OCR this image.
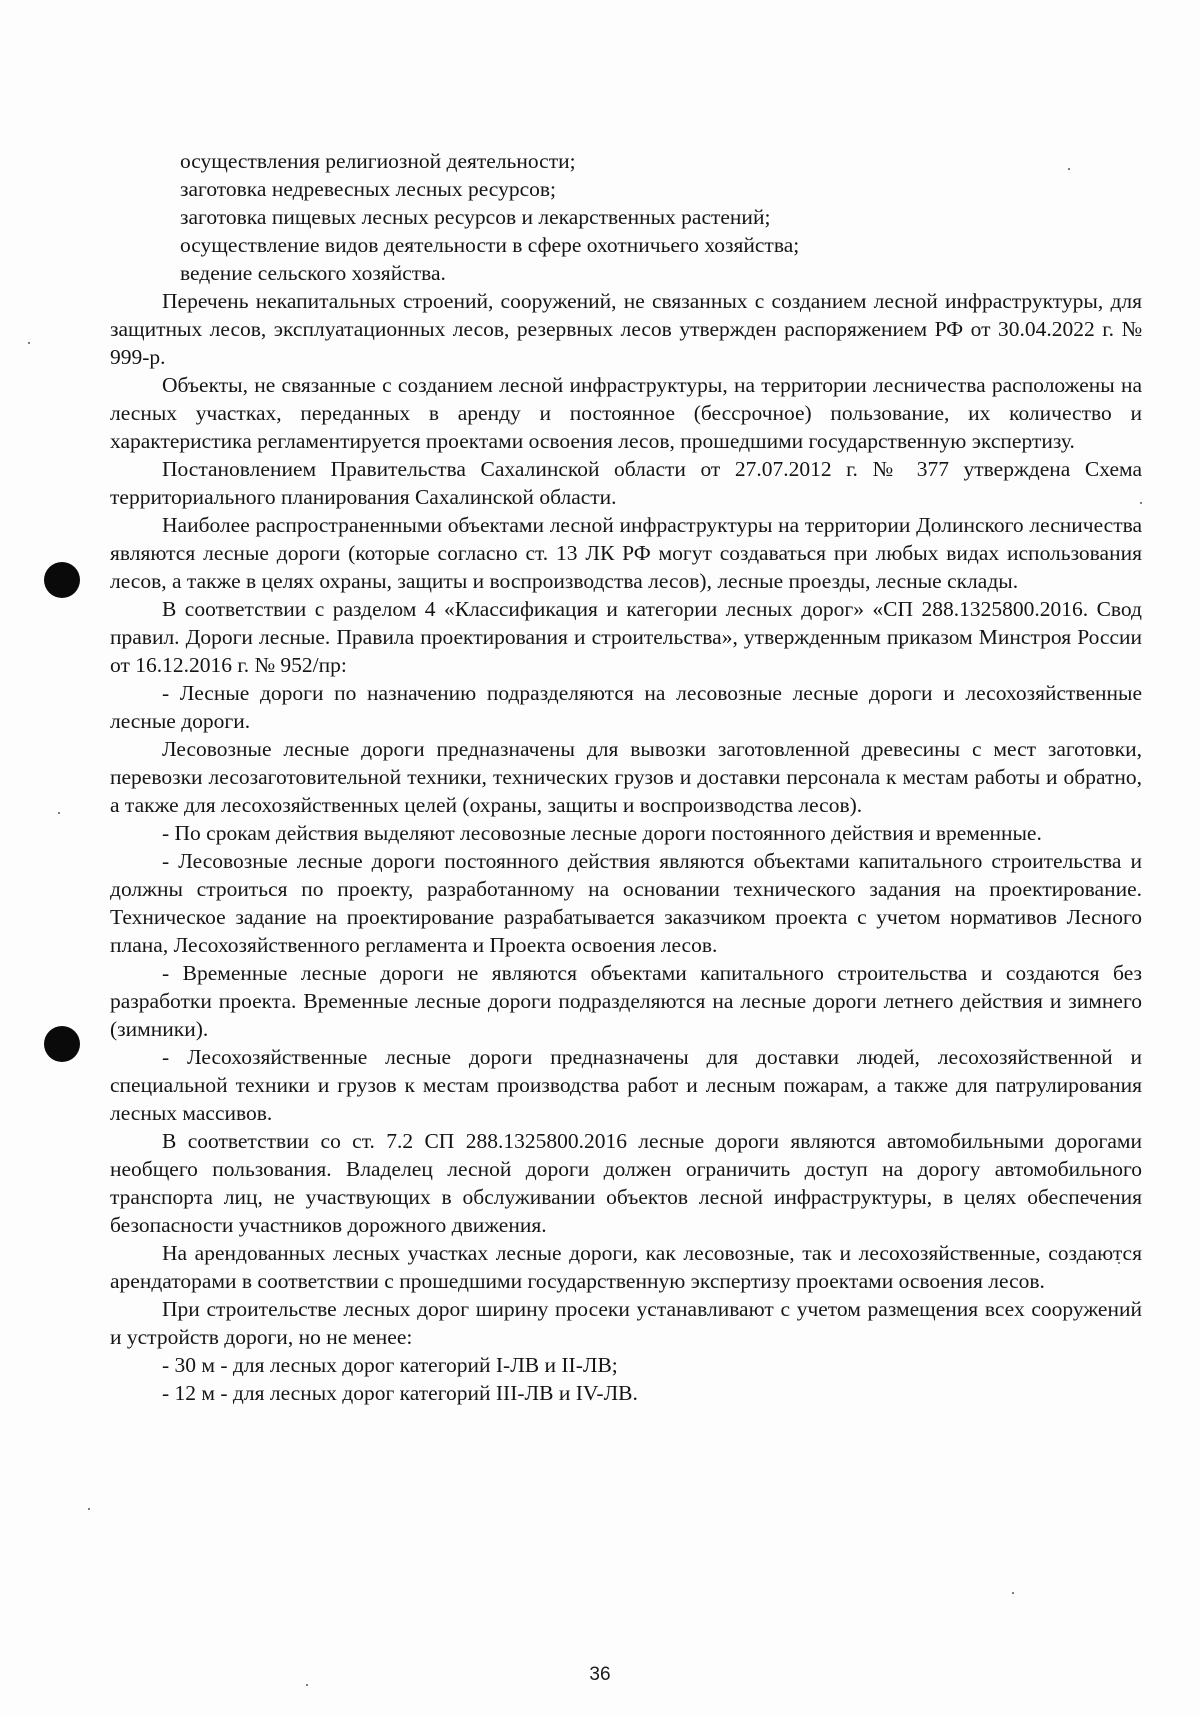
осуществления религиозной деятельности;

заготовка недревесных лесных ресурсов;

заготовка пищевых лесных ресурсов и лекарственных растений;

осуществление видов деятельности в сфере охотничьего хозяйства;

ведение сельского хозяйства.

Перечень некапитальных строений, сооружений, не связанных с созданием лесной инфраструктуры, для защитных лесов, эксплуатационных лесов, резервных лесов утвержден распоряжением РФ от 30.04.2022 г. № 999-р.

Объекты, не связанные с созданием лесной инфраструктуры, на территории лесничества расположены на лесных участках, переданных в аренду и постоянное (бессрочное) пользование, их количество и характеристика регламентируется проектами освоения лесов, прошедшими государственную экспертизу.

Постановлением Правительства Сахалинской области от 27.07.2012 г. № 377 утверждена Схема территориального планирования Сахалинской области.

Наиболее распространенными объектами лесной инфраструктуры на территории Долинского лесничества являются лесные дороги (которые согласно ст. 13 ЛК РФ могут создаваться при любых видах использования лесов, а также в целях охраны, защиты и воспроизводства лесов), лесные проезды, лесные склады.

В соответствии с разделом 4 «Классификация и категории лесных дорог» «СП 288.1325800.2016. Свод правил. Дороги лесные. Правила проектирования и строительства», утвержденным приказом Минстроя России от 16.12.2016 г. № 952/пр:

- Лесные дороги по назначению подразделяются на лесовозные лесные дороги и лесохозяйственные лесные дороги.

Лесовозные лесные дороги предназначены для вывозки заготовленной древесины с мест заготовки, перевозки лесозаготовительной техники, технических грузов и доставки персонала к местам работы и обратно, а также для лесохозяйственных целей (охраны, защиты и воспроизводства лесов).

- По срокам действия выделяют лесовозные лесные дороги постоянного действия и временные.

- Лесовозные лесные дороги постоянного действия являются объектами капитального строительства и должны строиться по проекту, разработанному на основании технического задания на проектирование. Техническое задание на проектирование разрабатывается заказчиком проекта с учетом нормативов Лесного плана, Лесохозяйственного регламента и Проекта освоения лесов.

- Временные лесные дороги не являются объектами капитального строительства и создаются без разработки проекта. Временные лесные дороги подразделяются на лесные дороги летнего действия и зимнего (зимники).

- Лесохозяйственные лесные дороги предназначены для доставки людей, лесохозяйственной и специальной техники и грузов к местам производства работ и лесным пожарам, а также для патрулирования лесных массивов.

В соответствии со ст. 7.2 СП 288.1325800.2016 лесные дороги являются автомобильными дорогами необщего пользования. Владелец лесной дороги должен ограничить доступ на дорогу автомобильного транспорта лиц, не участвующих в обслуживании объектов лесной инфраструктуры, в целях обеспечения безопасности участников дорожного движения.

На арендованных лесных участках лесные дороги, как лесовозные, так и лесохозяйственные, создаются арендаторами в соответствии с прошедшими государственную экспертизу проектами освоения лесов.

При строительстве лесных дорог ширину просеки устанавливают с учетом размещения всех сооружений и устройств дороги, но не менее:

- 30 м - для лесных дорог категорий I-ЛВ и II-ЛВ;

- 12 м - для лесных дорог категорий III-ЛВ и IV-ЛВ.

36
